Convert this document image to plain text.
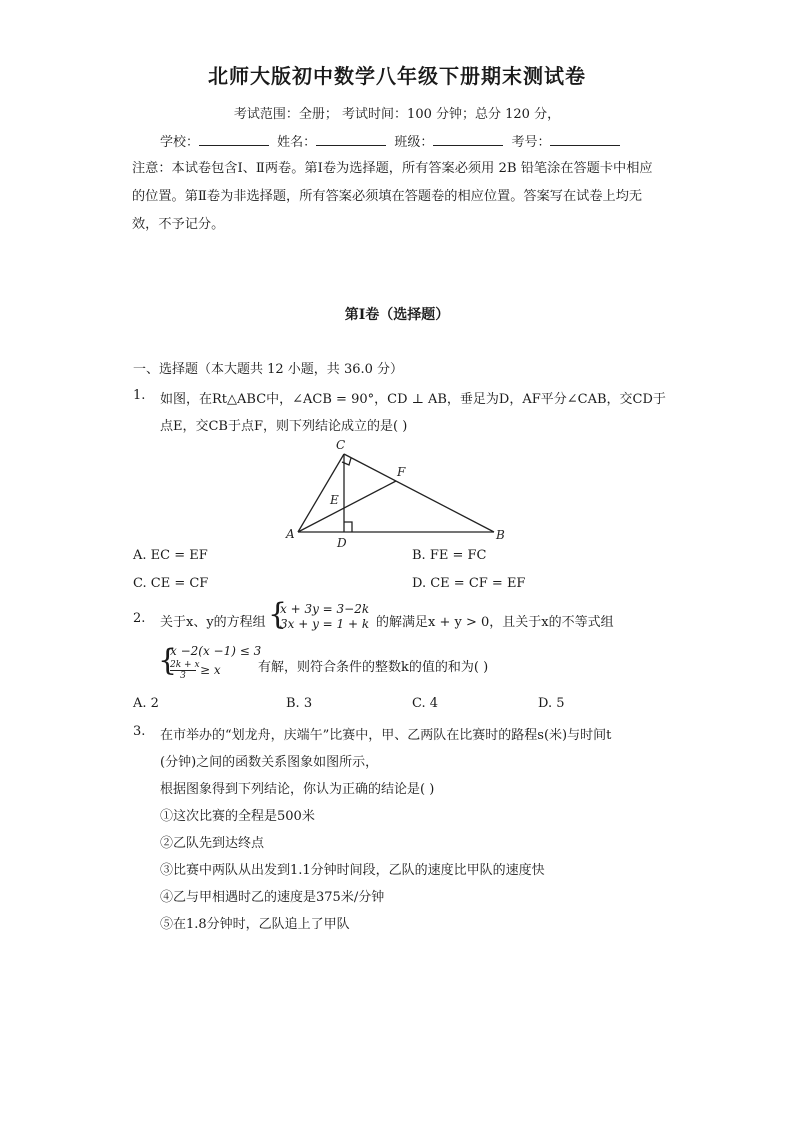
北师大版初中数学八年级下册期末测试卷
考试范围：全册； 考试时间：100 分钟；总分 120 分，
学校：	姓名：	班级：	考号：
注意：本试卷包含Ⅰ、Ⅱ两卷。第Ⅰ卷为选择题，所有答案必须用 2B 铅笔涂在答题卡中相应的位置。第Ⅱ卷为非选择题，所有答案必须填在答题卷的相应位置。答案写在试卷上均无效，不予记分。
第Ⅰ卷（选择题）
一、选择题（本大题共 12 小题，共 36.0 分）
1. 如图，在Rt△ABC中，∠ACB = 90°，CD ⊥ AB，垂足为D，AF平分∠CAB，交CD于
点E，交CB于点F，则下列结论成立的是( )
C
F
E
A
D
B
A. EC = EF	B. FE = FC
C. CE = CF	D. CE = CF = EF
2. 关于x、y的方程组 {
x + 3y = 3−2k
3x + y = 1 + k 的解满足x + y > 0，且关于x的不等式组
{
x −2(x −1) ≤ 3
$\frac{2k + x}{3} \ge x$	有解，则符合条件的整数k的值的和为( )
A. 2	B. 3	C. 4	D. 5
3. 在市举办的“划龙舟，庆端午”比赛中，甲、乙两队在比赛时的路程s(米)与时间t
(分钟)之间的函数关系图象如图所示，
根据图象得到下列结论，你认为正确的结论是( )
①这次比赛的全程是500米
②乙队先到达终点
③比赛中两队从出发到1.1分钟时间段，乙队的速度比甲队的速度快
④乙与甲相遇时乙的速度是375米/分钟
⑤在1.8分钟时，乙队追上了甲队
